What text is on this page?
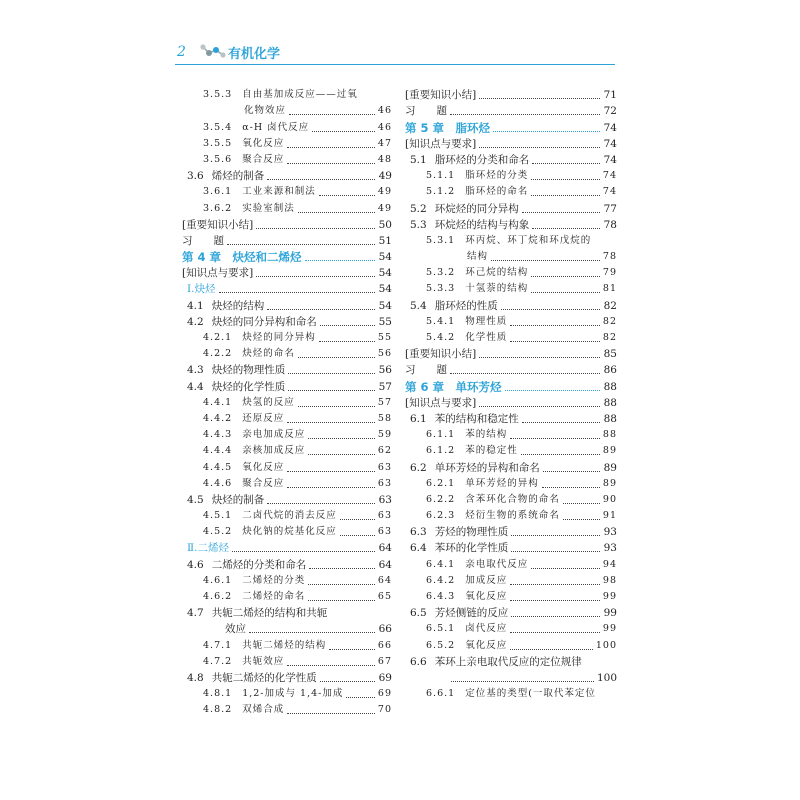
2	有机化学
3.5.3 自由基加成反应——过氧
化物效应	46
3.5.4 α-H 卤代反应	46
3.5.5 氧化反应	47
3.5.6 聚合反应	48
3.6 烯烃的制备	49
3.6.1 工业来源和制法	49
3.6.2 实验室制法	49
[重要知识小结]	50
习　　题	51
第 4 章　炔烃和二烯烃	54
[知识点与要求]	54
Ⅰ.炔烃	54
4.1 炔烃的结构	54
4.2 炔烃的同分异构和命名	55
4.2.1 炔烃的同分异构	55
4.2.2 炔烃的命名	56
4.3 炔烃的物理性质	56
4.4 炔烃的化学性质	57
4.4.1 炔氢的反应	57
4.4.2 还原反应	58
4.4.3 亲电加成反应	59
4.4.4 亲核加成反应	62
4.4.5 氧化反应	63
4.4.6 聚合反应	63
4.5 炔烃的制备	63
4.5.1 二卤代烷的消去反应	63
4.5.2 炔化钠的烷基化反应	63
Ⅱ.二烯烃	64
4.6 二烯烃的分类和命名	64
4.6.1 二烯烃的分类	64
4.6.2 二烯烃的命名	65
4.7 共轭二烯烃的结构和共轭
效应	66
4.7.1 共轭二烯烃的结构	66
4.7.2 共轭效应	67
4.8 共轭二烯烃的化学性质	69
4.8.1 1,2-加成与 1,4-加成	69
4.8.2 双烯合成	70
[重要知识小结]	71
习　　题	72
第 5 章　脂环烃	74
[知识点与要求]	74
5.1 脂环烃的分类和命名	74
5.1.1 脂环烃的分类	74
5.1.2 脂环烃的命名	74
5.2 环烷烃的同分异构	77
5.3 环烷烃的结构与构象	78
5.3.1 环丙烷、环丁烷和环戊烷的
结构	78
5.3.2 环己烷的结构	79
5.3.3 十氢萘的结构	81
5.4 脂环烃的性质	82
5.4.1 物理性质	82
5.4.2 化学性质	82
[重要知识小结]	85
习　　题	86
第 6 章　单环芳烃	88
[知识点与要求]	88
6.1 苯的结构和稳定性	88
6.1.1 苯的结构	88
6.1.2 苯的稳定性	89
6.2 单环芳烃的异构和命名	89
6.2.1 单环芳烃的异构	89
6.2.2 含苯环化合物的命名	90
6.2.3 烃衍生物的系统命名	91
6.3 芳烃的物理性质	93
6.4 苯环的化学性质	93
6.4.1 亲电取代反应	94
6.4.2 加成反应	98
6.4.3 氧化反应	99
6.5 芳烃侧链的反应	99
6.5.1 卤代反应	99
6.5.2 氧化反应	100
6.6 苯环上亲电取代反应的定位规律
100
6.6.1 定位基的类型(一取代苯定位
